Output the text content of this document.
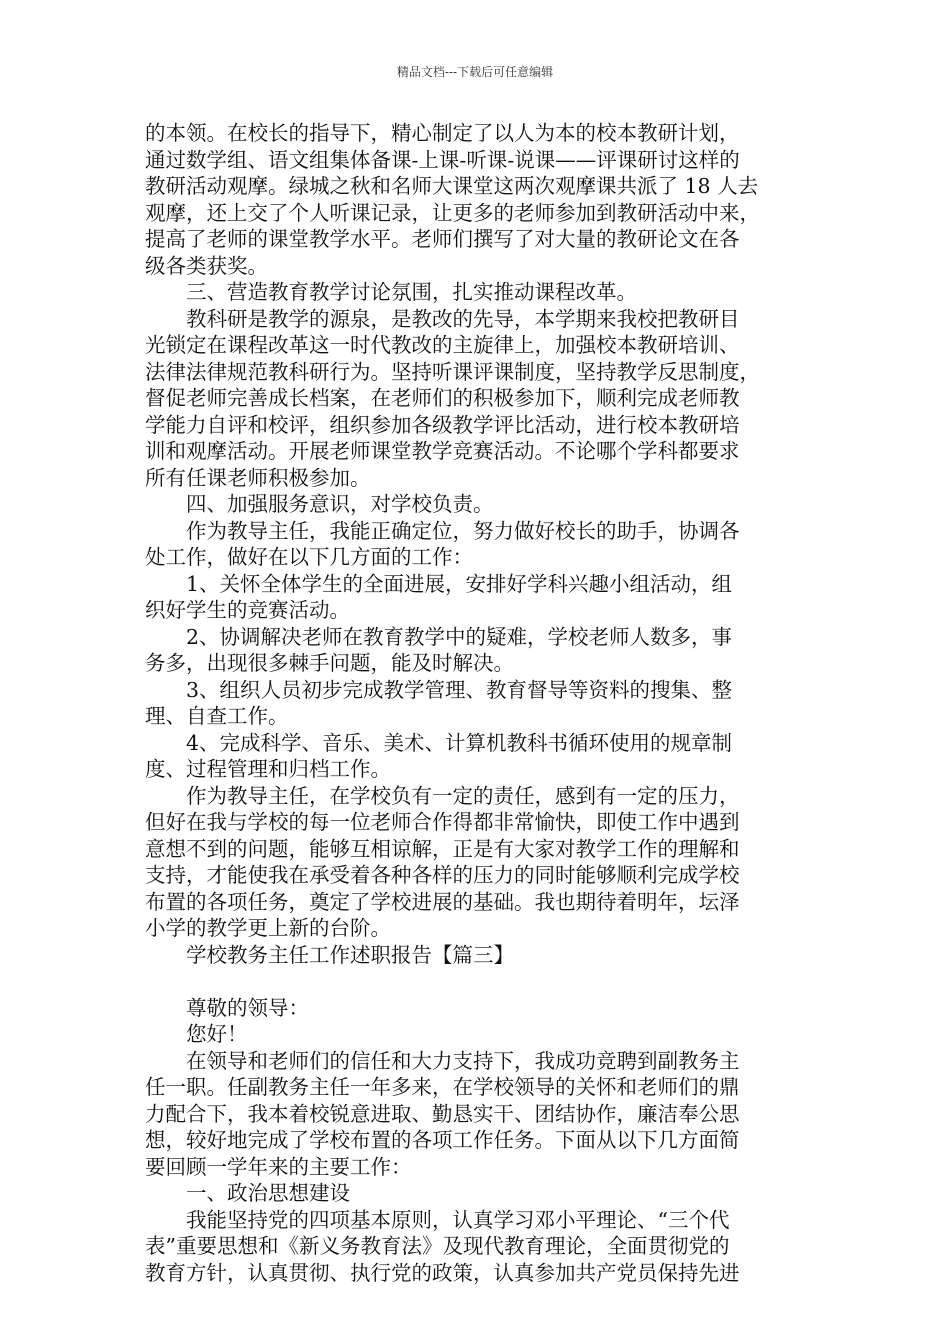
精品文档---下载后可任意编辑
的本领。在校长的指导下，精心制定了以人为本的校本教研计划，
通过数学组、语文组集体备课-上课-听课-说课——评课研讨这样的
教研活动观摩。绿城之秋和名师大课堂这两次观摩课共派了 18 人去
观摩，还上交了个人听课记录，让更多的老师参加到教研活动中来，
提高了老师的课堂教学水平。老师们撰写了对大量的教研论文在各
级各类获奖。
三、营造教育教学讨论氛围，扎实推动课程改革。
教科研是教学的源泉，是教改的先导，本学期来我校把教研目
光锁定在课程改革这一时代教改的主旋律上，加强校本教研培训、
法律法律规范教科研行为。坚持听课评课制度，坚持教学反思制度，
督促老师完善成长档案，在老师们的积极参加下，顺利完成老师教
学能力自评和校评，组织参加各级教学评比活动，进行校本教研培
训和观摩活动。开展老师课堂教学竞赛活动。不论哪个学科都要求
所有任课老师积极参加。
四、加强服务意识，对学校负责。
作为教导主任，我能正确定位，努力做好校长的助手，协调各
处工作，做好在以下几方面的工作：
1、关怀全体学生的全面进展，安排好学科兴趣小组活动，组
织好学生的竞赛活动。
2、协调解决老师在教育教学中的疑难，学校老师人数多，事
务多，出现很多棘手问题，能及时解决。
3、组织人员初步完成教学管理、教育督导等资料的搜集、整
理、自查工作。
4、完成科学、音乐、美术、计算机教科书循环使用的规章制
度、过程管理和归档工作。
作为教导主任，在学校负有一定的责任，感到有一定的压力，
但好在我与学校的每一位老师合作得都非常愉快，即使工作中遇到
意想不到的问题，能够互相谅解，正是有大家对教学工作的理解和
支持，才能使我在承受着各种各样的压力的同时能够顺利完成学校
布置的各项任务，奠定了学校进展的基础。我也期待着明年，坛泽
小学的教学更上新的台阶。
学校教务主任工作述职报告【篇三】
尊敬的领导：
您好！
在领导和老师们的信任和大力支持下，我成功竞聘到副教务主
任一职。任副教务主任一年多来，在学校领导的关怀和老师们的鼎
力配合下，我本着校锐意进取、勤恳实干、团结协作，廉洁奉公思
想，较好地完成了学校布置的各项工作任务。下面从以下几方面简
要回顾一学年来的主要工作：
一、政治思想建设
我能坚持党的四项基本原则，认真学习邓小平理论、“三个代
表”重要思想和《新义务教育法》及现代教育理论，全面贯彻党的
教育方针，认真贯彻、执行党的政策，认真参加共产党员保持先进
